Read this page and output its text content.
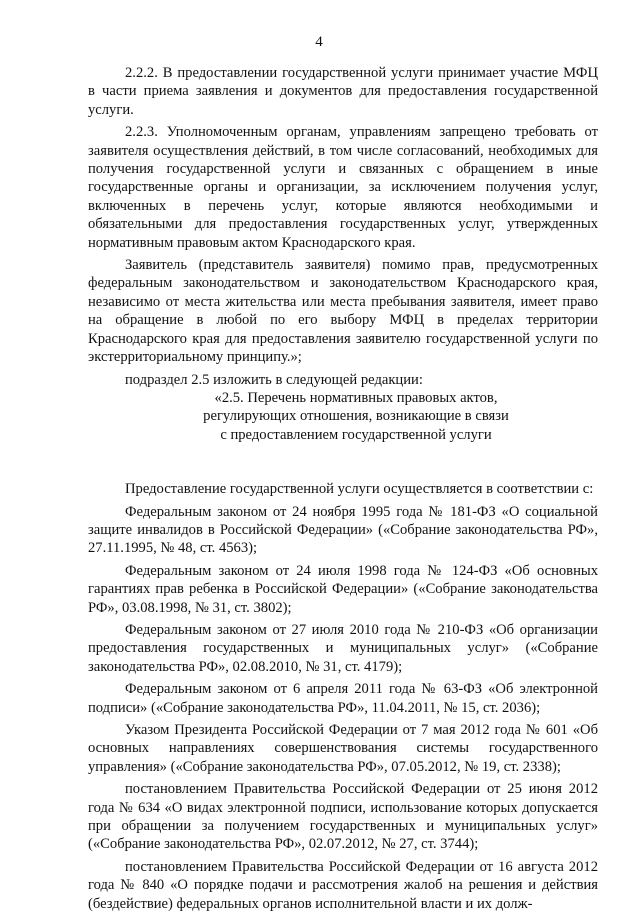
4

2.2.2. В предоставлении государственной услуги принимает участие МФЦ в части приема заявления и документов для предоставления государственной услуги.

2.2.3. Уполномоченным органам, управлениям запрещено требовать от заявителя осуществления действий, в том числе согласований, необходимых для получения государственной услуги и связанных с обращением в иные государственные органы и организации, за исключением получения услуг, включенных в перечень услуг, которые являются необходимыми и обязательными для предоставления государственных услуг, утвержденных нормативным правовым актом Краснодарского края.

Заявитель (представитель заявителя) помимо прав, предусмотренных федеральным законодательством и законодательством Краснодарского края, независимо от места жительства или места пребывания заявителя, имеет право на обращение в любой по его выбору МФЦ в пределах территории Краснодарского края для предоставления заявителю государственной услуги по экстерриториальному принципу.»;

подраздел 2.5 изложить в следующей редакции:

«2.5. Перечень нормативных правовых актов,

регулирующих отношения, возникающие в связи

с предоставлением государственной услуги

Предоставление государственной услуги осуществляется в соответствии с:

Федеральным законом от 24 ноября 1995 года № 181-ФЗ «О социальной защите инвалидов в Российской Федерации» («Собрание законодательства РФ», 27.11.1995, № 48, ст. 4563);

Федеральным законом от 24 июля 1998 года № 124-ФЗ «Об основных гарантиях прав ребенка в Российской Федерации» («Собрание законодательства РФ», 03.08.1998, № 31, ст. 3802);

Федеральным законом от 27 июля 2010 года № 210-ФЗ «Об организации предоставления государственных и муниципальных услуг» («Собрание законодательства РФ», 02.08.2010, № 31, ст. 4179);

Федеральным законом от 6 апреля 2011 года № 63-ФЗ «Об электронной подписи» («Собрание законодательства РФ», 11.04.2011, № 15, ст. 2036);

Указом Президента Российской Федерации от 7 мая 2012 года № 601 «Об основных направлениях совершенствования системы государственного управления» («Собрание законодательства РФ», 07.05.2012, № 19, ст. 2338);

постановлением Правительства Российской Федерации от 25 июня 2012 года № 634 «О видах электронной подписи, использование которых допускается при обращении за получением государственных и муниципальных услуг» («Собрание законодательства РФ», 02.07.2012, № 27, ст. 3744);

постановлением Правительства Российской Федерации от 16 августа 2012 года № 840 «О порядке подачи и рассмотрения жалоб на решения и действия (бездействие) федеральных органов исполнительной власти и их долж-
